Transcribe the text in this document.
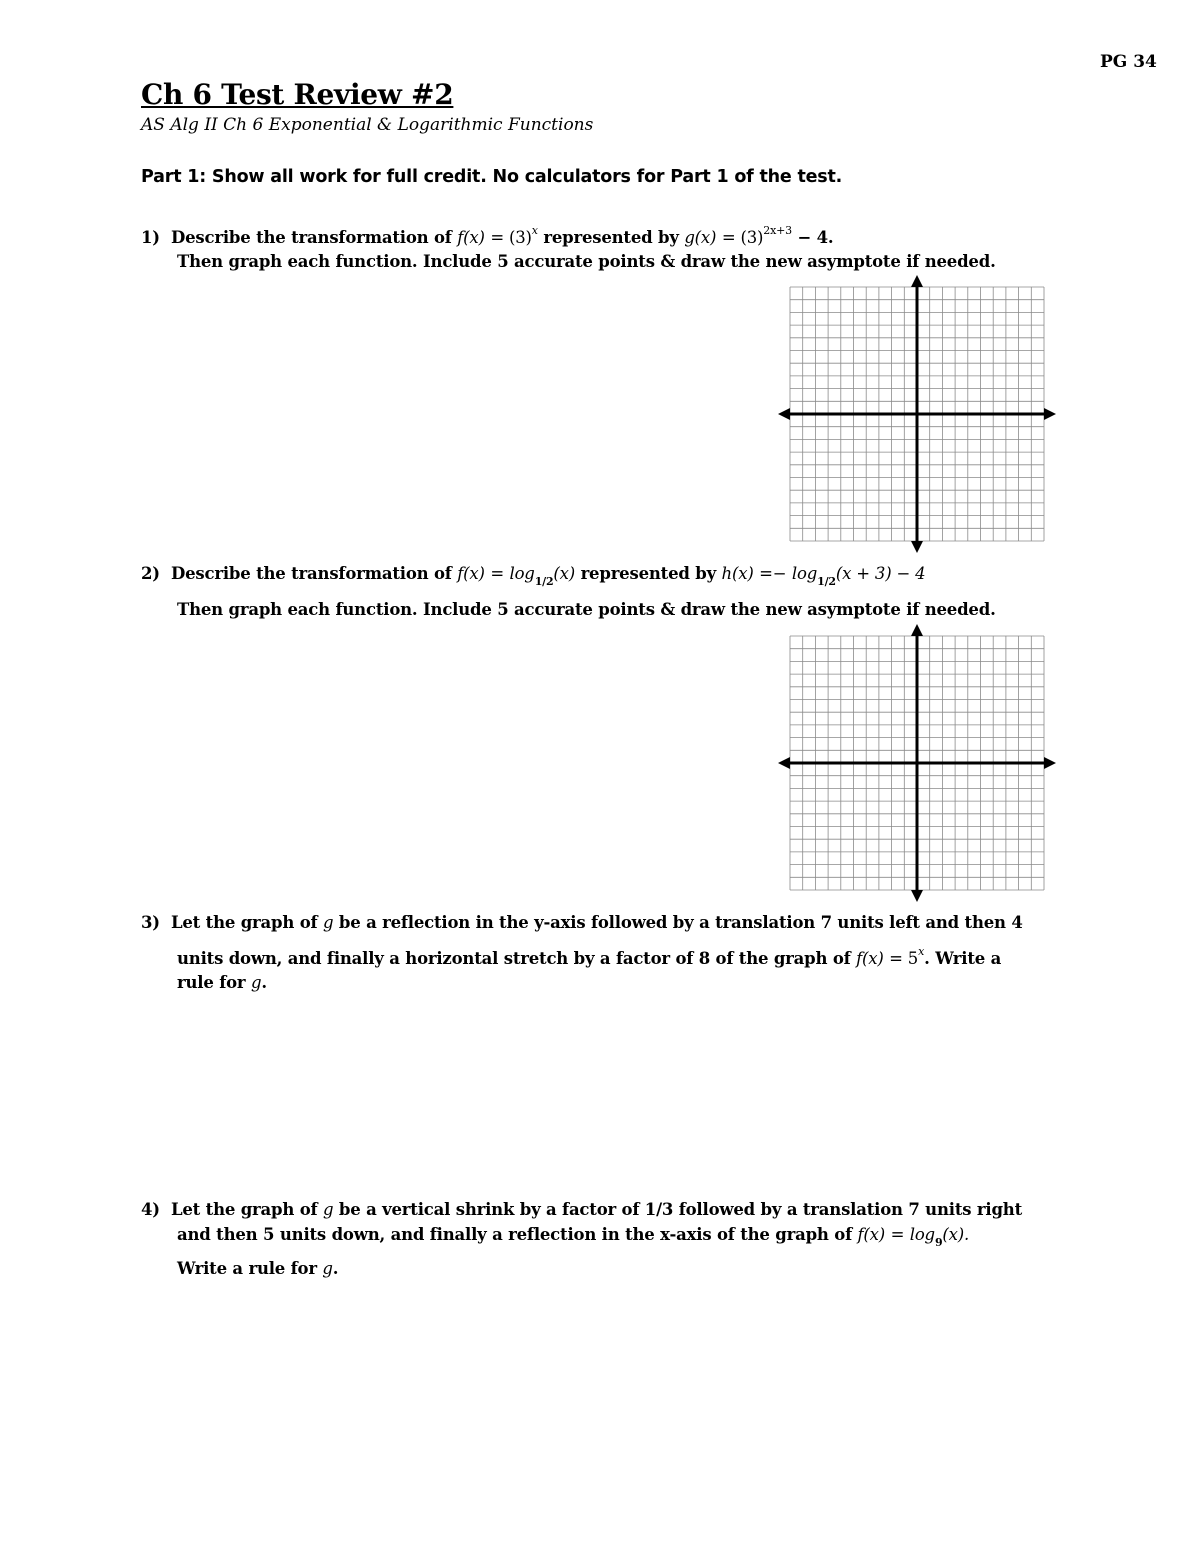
PG 34
Ch 6 Test Review #2
AS Alg II Ch 6 Exponential & Logarithmic Functions
Part 1: Show all work for full credit. No calculators for Part 1 of the test.
1) Describe the transformation of $f(x) = (3)^x$ represented by $g(x) = (3)^{2x+3} - 4$.
Then graph each function. Include 5 accurate points & draw the new asymptote if needed.
2) Describe the transformation of $f(x) = \log_{1/2}(x)$ represented by $h(x) =- \log_{1/2}(x + 3) - 4$
Then graph each function. Include 5 accurate points & draw the new asymptote if needed.
3) Let the graph of g be a reflection in the y-axis followed by a translation 7 units left and then 4
units down, and finally a horizontal stretch by a factor of 8 of the graph of $f(x) = 5^x$. Write a
rule for g.
4) Let the graph of g be a vertical shrink by a factor of 1/3 followed by a translation 7 units right
and then 5 units down, and finally a reflection in the x-axis of the graph of $f(x) = \log_9(x)$.
Write a rule for g.
